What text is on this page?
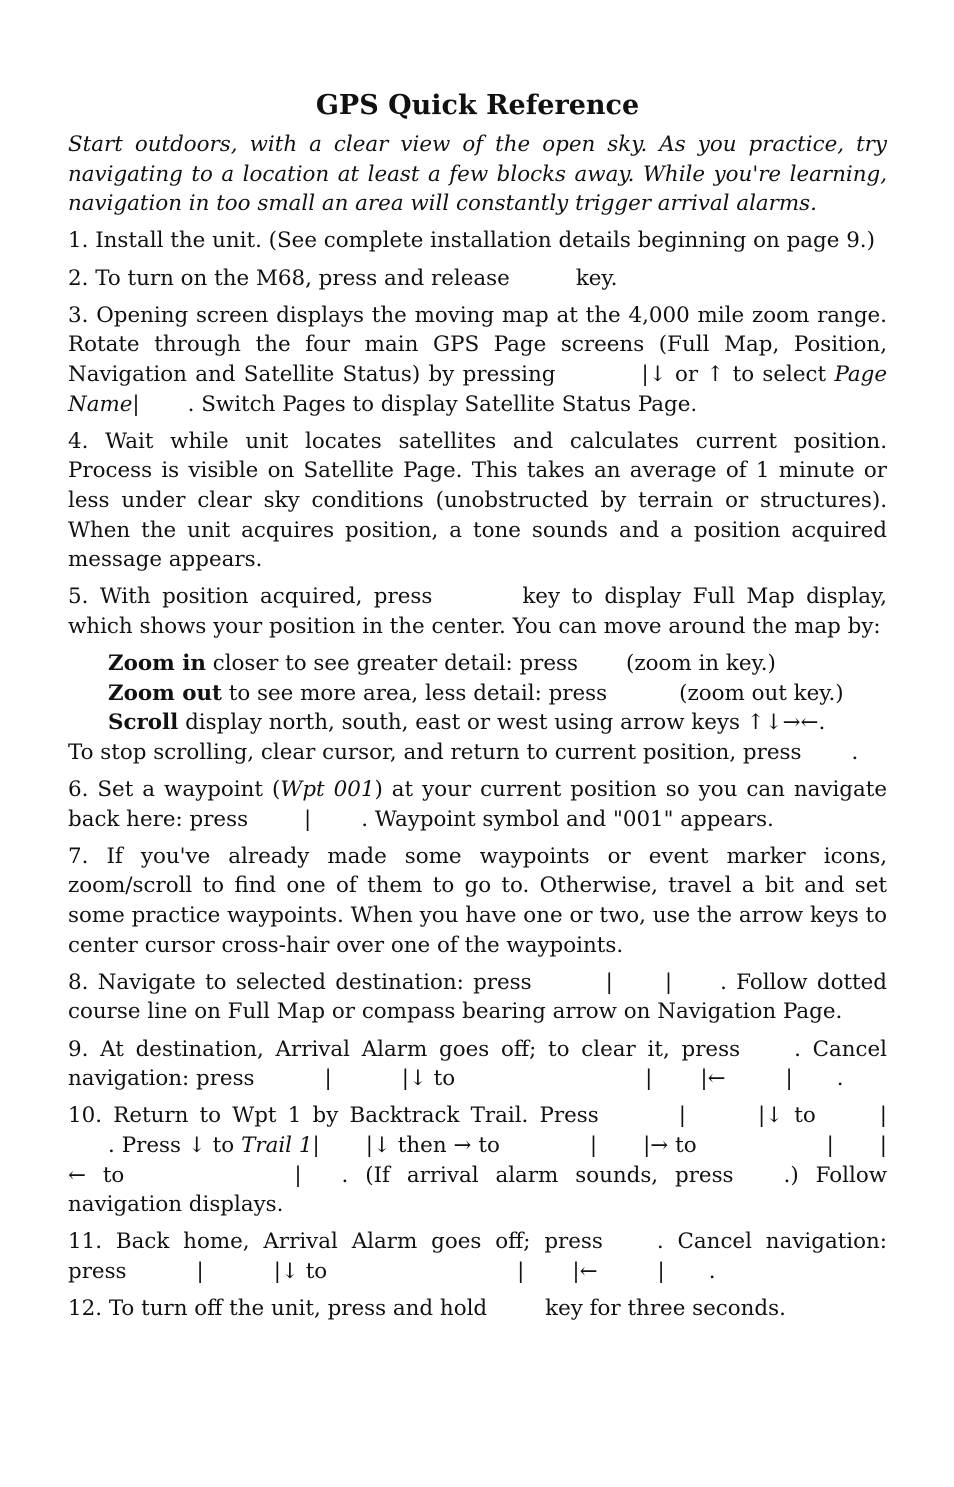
GPS Quick Reference

Start outdoors, with a clear view of the open sky. As you practice, try navigating to a location at least a few blocks away. While you're learning, navigation in too small an area will constantly trigger arrival alarms.

1. Install the unit. (See complete installation details beginning on page 9.)

2. To turn on the M68, press and release	key.

3. Opening screen displays the moving map at the 4,000 mile zoom range. Rotate through the four main GPS Page screens (Full Map, Position, Navigation and Satellite Status) by pressing	|↓ or ↑ to select Page Name| . Switch Pages to display Satellite Status Page.

4. Wait while unit locates satellites and calculates current position. Process is visible on Satellite Page. This takes an average of 1 minute or less under clear sky conditions (unobstructed by terrain or structures). When the unit acquires position, a tone sounds and a position acquired message appears.

5. With position acquired, press	key to display Full Map display, which shows your position in the center. You can move around the map by:

Zoom in closer to see greater detail: press (zoom in key.)
Zoom out to see more area, less detail: press	(zoom out key.)
Scroll display north, south, east or west using arrow keys ↑↓→←.

To stop scrolling, clear cursor, and return to current position, press .

6. Set a waypoint (Wpt 001) at your current position so you can navigate back here: press	| . Waypoint symbol and "001" appears.

7. If you've already made some waypoints or event marker icons, zoom/scroll to find one of them to go to. Otherwise, travel a bit and set some practice waypoints. When you have one or two, use the arrow keys to center cursor cross-hair over one of the waypoints.

8. Navigate to selected destination: press	| | . Follow dotted course line on Full Map or compass bearing arrow on Navigation Page.

9. At destination, Arrival Alarm goes off; to clear it, press	. Cancel navigation: press	|	|↓ to	| |←	| .

10. Return to Wpt 1 by Backtrack Trail. Press	|	|↓ to	|. Press ↓ to Trail 1| |↓ then → to	| |→ to	| |← to	| . (If arrival alarm sounds, press .) Follow navigation displays.

11. Back home, Arrival Alarm goes off; press	. Cancel navigation: press	|	|↓ to	| |←	| .

12. To turn off the unit, press and hold	key for three seconds.
